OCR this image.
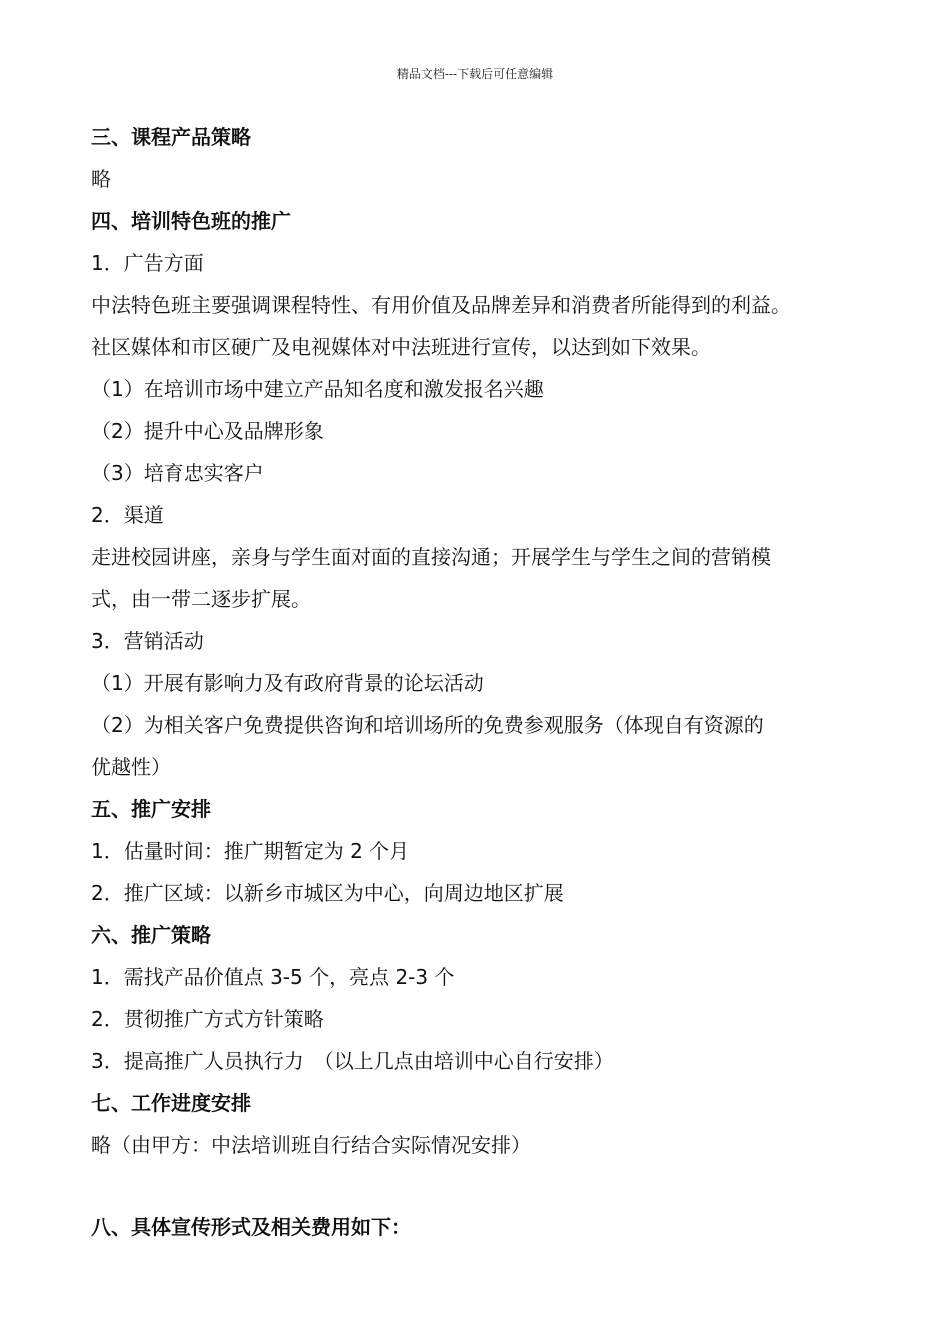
精品文档---下载后可任意编辑
三、课程产品策略
略
四、培训特色班的推广
1．广告方面
中法特色班主要强调课程特性、有用价值及品牌差异和消费者所能得到的利益。
社区媒体和市区硬广及电视媒体对中法班进行宣传，以达到如下效果。
（1）在培训市场中建立产品知名度和激发报名兴趣
（2）提升中心及品牌形象
（3）培育忠实客户
2．渠道
走进校园讲座，亲身与学生面对面的直接沟通；开展学生与学生之间的营销模
式，由一带二逐步扩展。
3．营销活动
（1）开展有影响力及有政府背景的论坛活动
（2）为相关客户免费提供咨询和培训场所的免费参观服务（体现自有资源的
优越性）
五、推广安排
1．估量时间：推广期暂定为 2 个月
2．推广区域：以新乡市城区为中心，向周边地区扩展
六、推广策略
1．需找产品价值点 3-5 个，亮点 2-3 个
2．贯彻推广方式方针策略
3．提高推广人员执行力　（以上几点由培训中心自行安排）
七、工作进度安排
略（由甲方：中法培训班自行结合实际情况安排）
八、具体宣传形式及相关费用如下：
